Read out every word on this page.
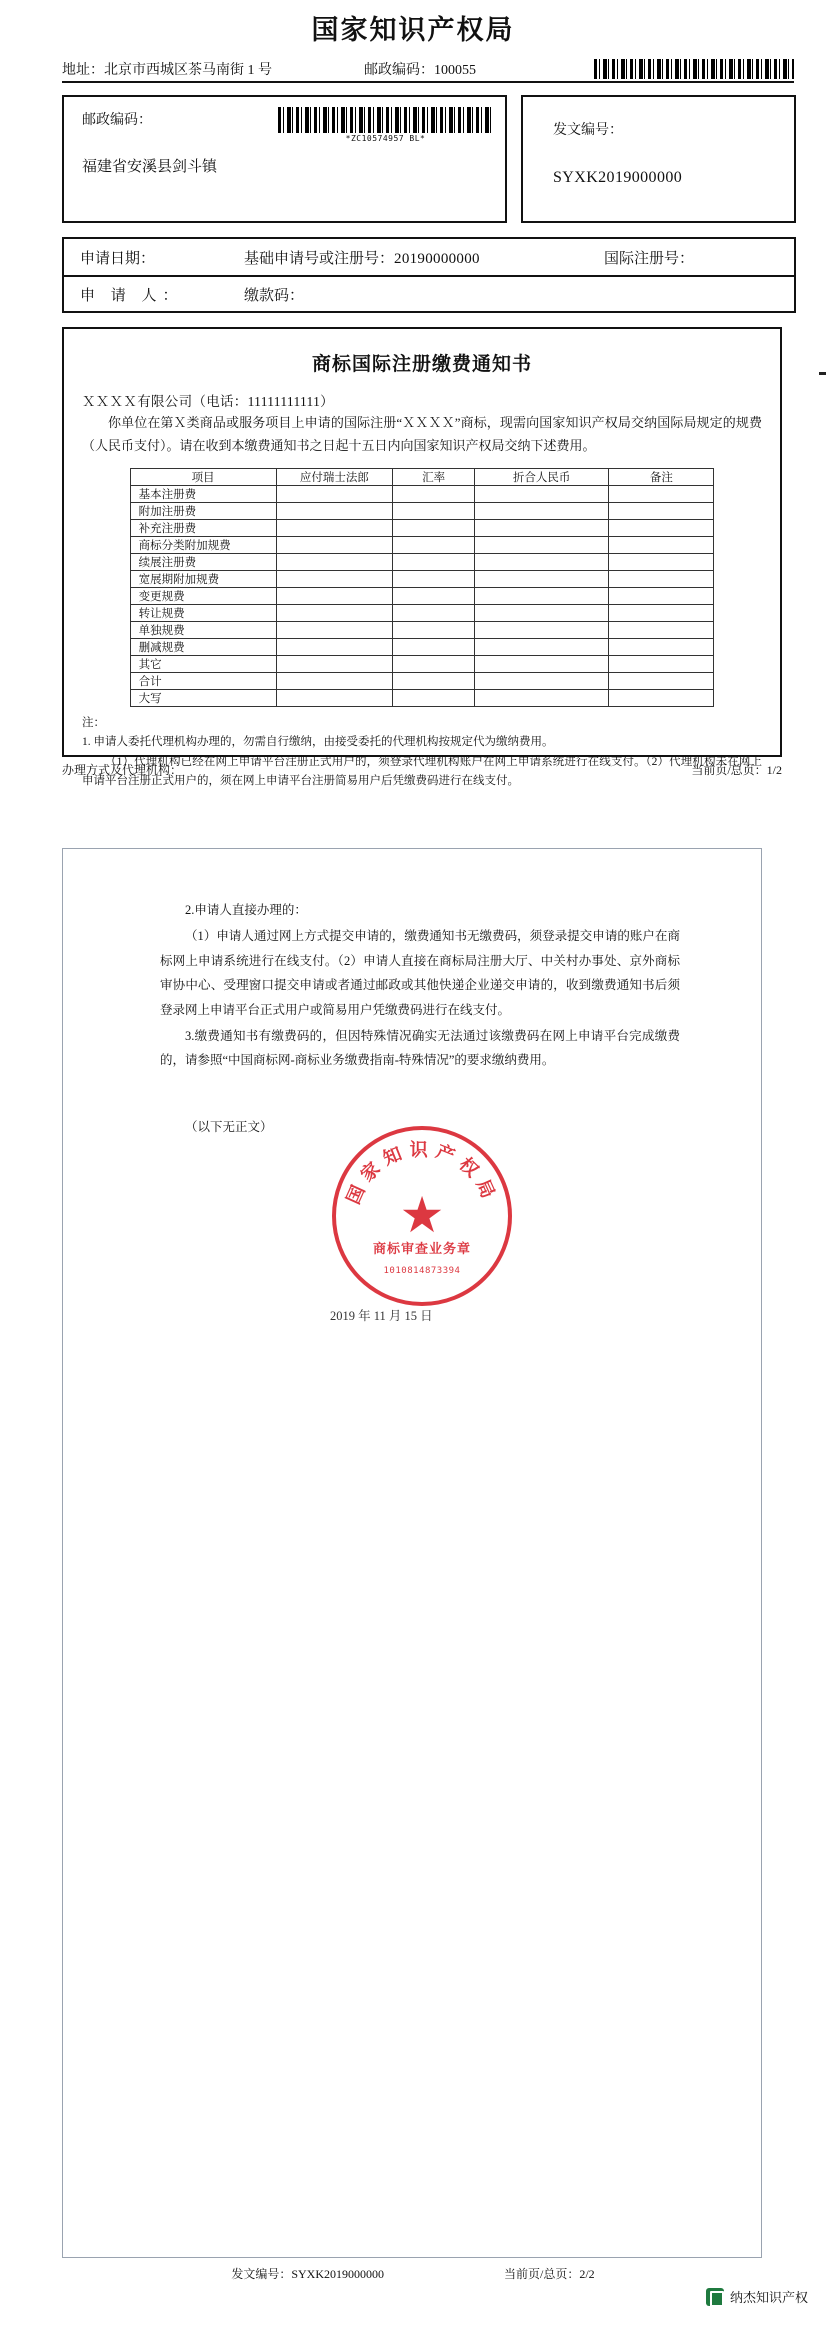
国家知识产权局
地址：北京市西城区茶马南街 1 号	邮政编码：100055
邮政编码：
福建省安溪县剑斗镇
*ZC10574957 BL*
发文编号：
SYXK2019000000
申请日期：	基础申请号或注册号：20190000000	国际注册号：
申 请 人：	缴款码：
商标国际注册缴费通知书
ＸＸＸＸ有限公司（电话：11111111111）
你单位在第Ｘ类商品或服务项目上申请的国际注册“ＸＸＸＸ”商标，现需向国家知识产权局交纳国际局规定的规费（人民币支付）。请在收到本缴费通知书之日起十五日内向国家知识产权局交纳下述费用。
项目	应付瑞士法郎	汇率	折合人民币	备注
基本注册费				
附加注册费				
补充注册费				
商标分类附加规费				
续展注册费				
宽展期附加规费				
变更规费				
转让规费				
单独规费				
删减规费				
其它				
合计				
大写				
注：
1. 申请人委托代理机构办理的，勿需自行缴纳，由接受委托的代理机构按规定代为缴纳费用。
（1）代理机构已经在网上申请平台注册正式用户的，须登录代理机构账户在网上申请系统进行在线支付。（2）代理机构未在网上申请平台注册正式用户的，须在网上申请平台注册简易用户后凭缴费码进行在线支付。
办理方式及代理机构：	当前页/总页：1/2

2.申请人直接办理的：

（1）申请人通过网上方式提交申请的，缴费通知书无缴费码，须登录提交申请的账户在商标网上申请系统进行在线支付。（2）申请人直接在商标局注册大厅、中关村办事处、京外商标审协中心、受理窗口提交申请或者通过邮政或其他快递企业递交申请的，收到缴费通知书后须登录网上申请平台正式用户或简易用户凭缴费码进行在线支付。

3.缴费通知书有缴费码的，但因特殊情况确实无法通过该缴费码在网上申请平台完成缴费的，请参照“中国商标网-商标业务缴费指南-特殊情况”的要求缴纳费用。

（以下无正文）

国家知识产权局
★
商标审查业务章
1010814873394
2019 年 11 月 15 日
发文编号：SYXK2019000000	当前页/总页：2/2
纳杰知识产权
